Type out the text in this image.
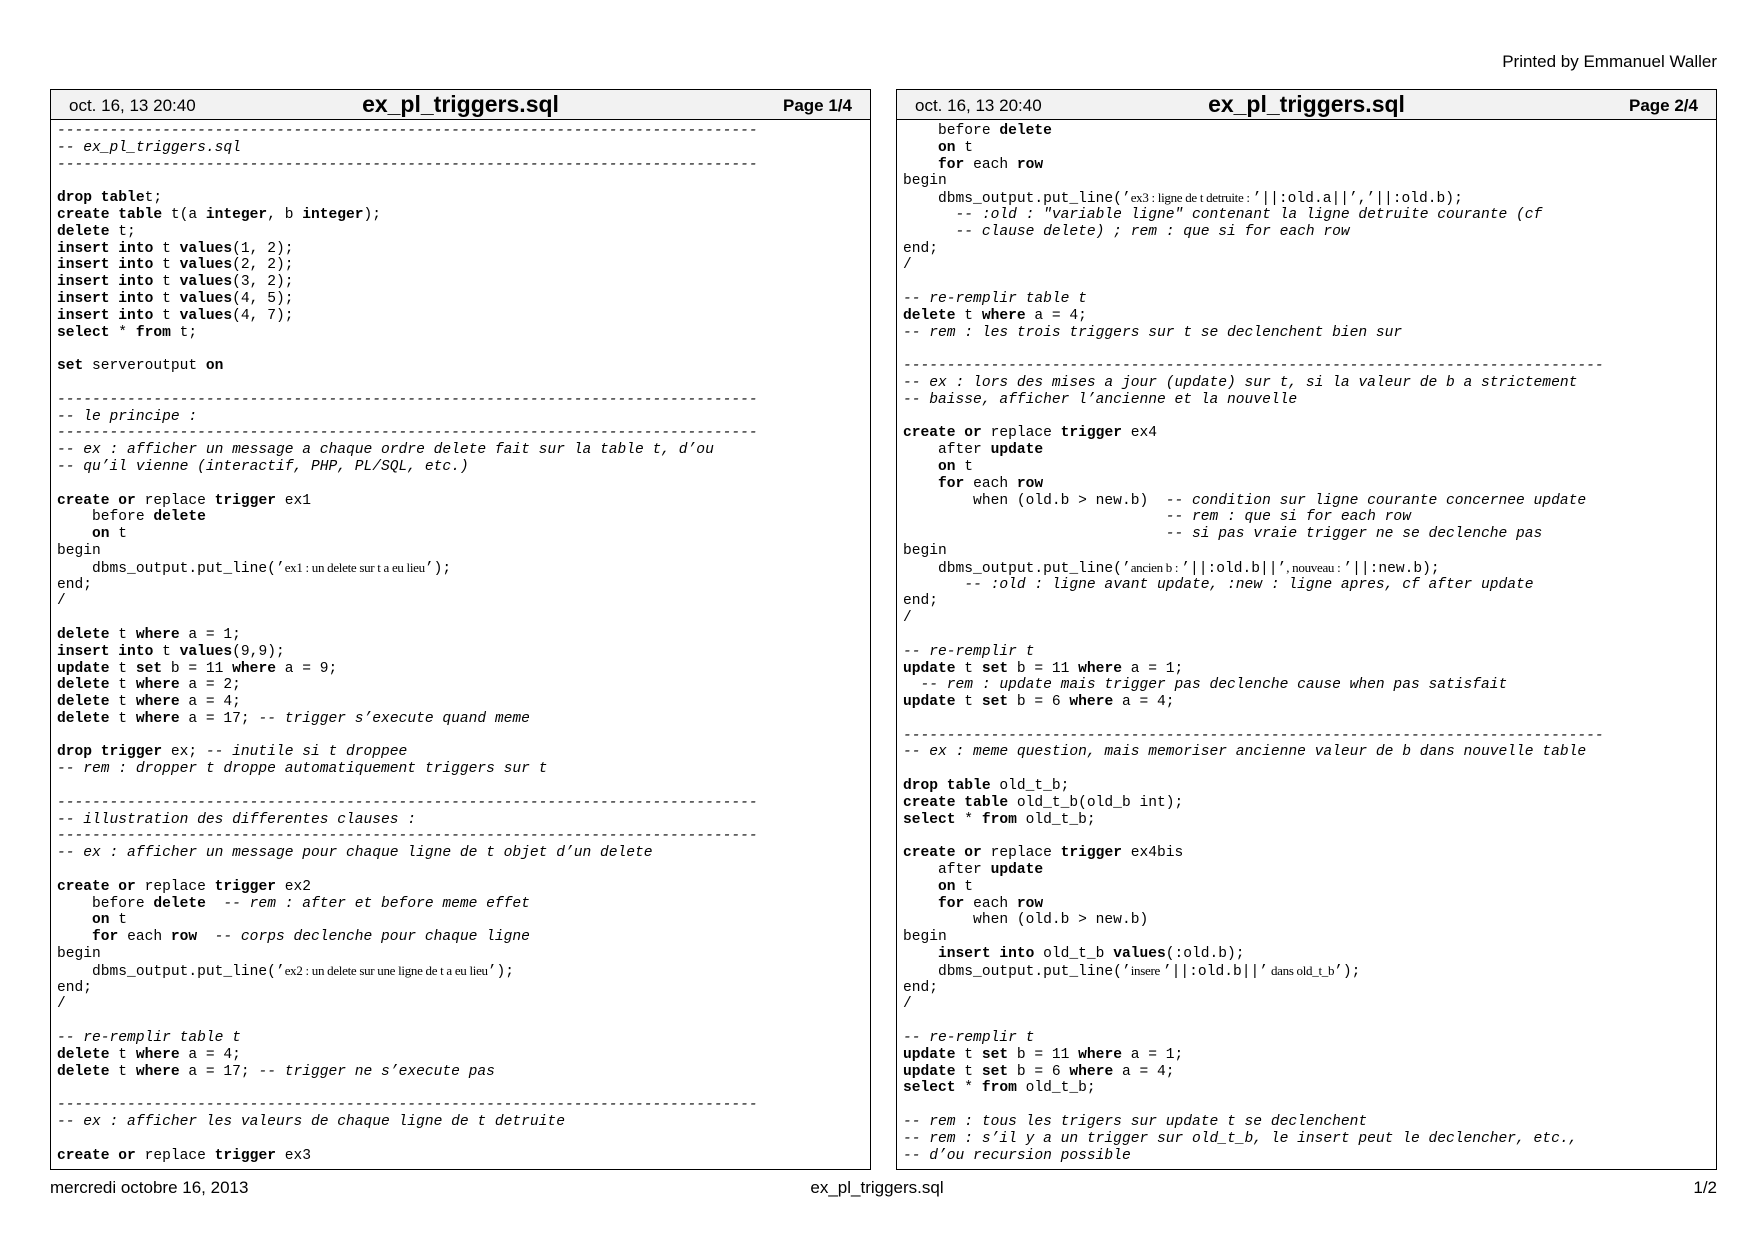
Printed by Emmanuel Waller
oct. 16, 13 20:40	ex_pl_triggers.sql	Page 1/4
--------------------------------------------------------------------------------
-- ex_pl_triggers.sql
--------------------------------------------------------------------------------

drop tablet;
create table t(a integer, b integer);
delete t;
insert into t values(1, 2);
insert into t values(2, 2);
insert into t values(3, 2);
insert into t values(4, 5);
insert into t values(4, 7);
select * from t;

set serveroutput on

--------------------------------------------------------------------------------
-- le principe :
--------------------------------------------------------------------------------
-- ex : afficher un message a chaque ordre delete fait sur la table t, d’ou
-- qu’il vienne (interactif, PHP, PL/SQL, etc.)

create or replace trigger ex1
before delete
on t
begin
dbms_output.put_line(’ex1 : un delete sur t a eu lieu’);
end;
/

delete t where a = 1;
insert into t values(9,9);
update t set b = 11 where a = 9;
delete t where a = 2;
delete t where a = 4;
delete t where a = 17; -- trigger s’execute quand meme

drop trigger ex; -- inutile si t droppee
-- rem : dropper t droppe automatiquement triggers sur t

--------------------------------------------------------------------------------
-- illustration des differentes clauses :
--------------------------------------------------------------------------------
-- ex : afficher un message pour chaque ligne de t objet d’un delete

create or replace trigger ex2
before delete -- rem : after et before meme effet
on t
for each row -- corps declenche pour chaque ligne
begin
dbms_output.put_line(’ex2 : un delete sur une ligne de t a eu lieu’);
end;
/

-- re-remplir table t
delete t where a = 4;
delete t where a = 17; -- trigger ne s’execute pas

--------------------------------------------------------------------------------
-- ex : afficher les valeurs de chaque ligne de t detruite

create or replace trigger ex3
oct. 16, 13 20:40	ex_pl_triggers.sql	Page 2/4
before delete
on t
for each row
begin
dbms_output.put_line(’ex3 : ligne de t detruite : ’||:old.a||’,’||:old.b);
-- :old : "variable ligne" contenant la ligne detruite courante (cf
-- clause delete) ; rem : que si for each row
end;
/

-- re-remplir table t
delete t where a = 4;
-- rem : les trois triggers sur t se declenchent bien sur

--------------------------------------------------------------------------------
-- ex : lors des mises a jour (update) sur t, si la valeur de b a strictement
-- baisse, afficher l’ancienne et la nouvelle

create or replace trigger ex4
after update
on t
for each row
when (old.b > new.b)  -- condition sur ligne courante concernee update
-- rem : que si for each row
-- si pas vraie trigger ne se declenche pas
begin
dbms_output.put_line(’ancien b : ’||:old.b||’, nouveau : ’||:new.b);
-- :old : ligne avant update, :new : ligne apres, cf after update
end;
/

-- re-remplir t
update t set b = 11 where a = 1;
-- rem : update mais trigger pas declenche cause when pas satisfait
update t set b = 6 where a = 4;

--------------------------------------------------------------------------------
-- ex : meme question, mais memoriser ancienne valeur de b dans nouvelle table

drop table old_t_b;
create table old_t_b(old_b int);
select * from old_t_b;

create or replace trigger ex4bis
after update
on t
for each row
when (old.b > new.b)
begin
insert into old_t_b values(:old.b);
dbms_output.put_line(’insere ’||:old.b||’ dans old_t_b’);
end;
/

-- re-remplir t
update t set b = 11 where a = 1;
update t set b = 6 where a = 4;
select * from old_t_b;

-- rem : tous les trigers sur update t se declenchent
-- rem : s’il y a un trigger sur old_t_b, le insert peut le declencher, etc.,
-- d’ou recursion possible
mercredi octobre 16, 2013	ex_pl_triggers.sql	1/2
